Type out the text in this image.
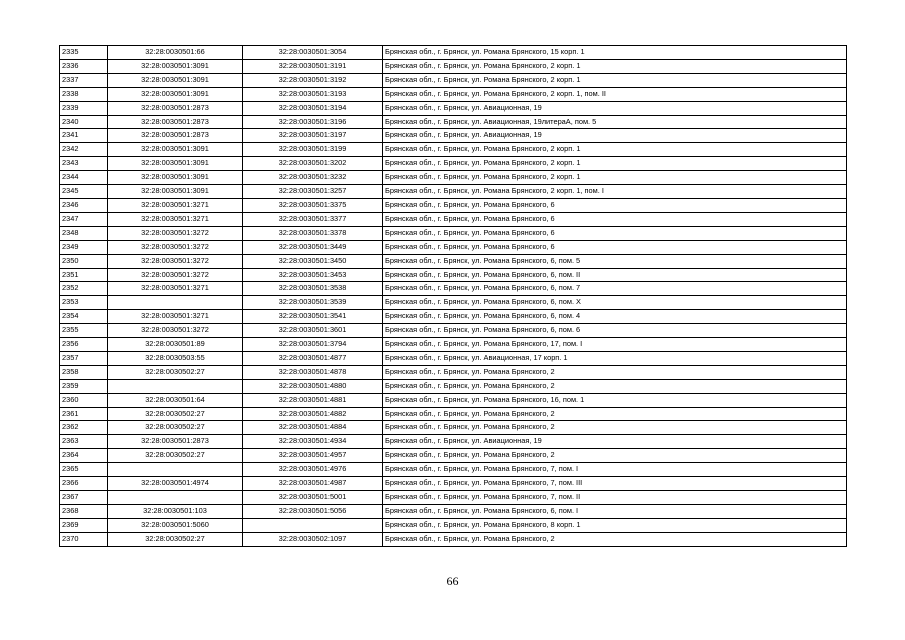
2335	32:28:0030501:66	32:28:0030501:3054	Брянская обл., г. Брянск, ул. Романа Брянского, 15 корп. 1
2336	32:28:0030501:3091	32:28:0030501:3191	Брянская обл., г. Брянск, ул. Романа Брянского, 2 корп. 1
2337	32:28:0030501:3091	32:28:0030501:3192	Брянская обл., г. Брянск, ул. Романа Брянского, 2 корп. 1
2338	32:28:0030501:3091	32:28:0030501:3193	Брянская обл., г. Брянск, ул. Романа Брянского, 2 корп. 1, пом. II
2339	32:28:0030501:2873	32:28:0030501:3194	Брянская обл., г. Брянск, ул. Авиационная, 19
2340	32:28:0030501:2873	32:28:0030501:3196	Брянская обл., г. Брянск, ул. Авиационная, 19литераА, пом. 5
2341	32:28:0030501:2873	32:28:0030501:3197	Брянская обл., г. Брянск, ул. Авиационная, 19
2342	32:28:0030501:3091	32:28:0030501:3199	Брянская обл., г. Брянск, ул. Романа Брянского, 2 корп. 1
2343	32:28:0030501:3091	32:28:0030501:3202	Брянская обл., г. Брянск, ул. Романа Брянского, 2 корп. 1
2344	32:28:0030501:3091	32:28:0030501:3232	Брянская обл., г. Брянск, ул. Романа Брянского, 2 корп. 1
2345	32:28:0030501:3091	32:28:0030501:3257	Брянская обл., г. Брянск, ул. Романа Брянского, 2 корп. 1, пом. I
2346	32:28:0030501:3271	32:28:0030501:3375	Брянская обл., г. Брянск, ул. Романа Брянского, 6
2347	32:28:0030501:3271	32:28:0030501:3377	Брянская обл., г. Брянск, ул. Романа Брянского, 6
2348	32:28:0030501:3272	32:28:0030501:3378	Брянская обл., г. Брянск, ул. Романа Брянского, 6
2349	32:28:0030501:3272	32:28:0030501:3449	Брянская обл., г. Брянск, ул. Романа Брянского, 6
2350	32:28:0030501:3272	32:28:0030501:3450	Брянская обл., г. Брянск, ул. Романа Брянского, 6, пом. 5
2351	32:28:0030501:3272	32:28:0030501:3453	Брянская обл., г. Брянск, ул. Романа Брянского, 6, пом. II
2352	32:28:0030501:3271	32:28:0030501:3538	Брянская обл., г. Брянск, ул. Романа Брянского, 6, пом. 7
2353		32:28:0030501:3539	Брянская обл., г. Брянск, ул. Романа Брянского, 6, пом. X
2354	32:28:0030501:3271	32:28:0030501:3541	Брянская обл., г. Брянск, ул. Романа Брянского, 6, пом. 4
2355	32:28:0030501:3272	32:28:0030501:3601	Брянская обл., г. Брянск, ул. Романа Брянского, 6, пом. 6
2356	32:28:0030501:89	32:28:0030501:3794	Брянская обл., г. Брянск, ул. Романа Брянского, 17, пом. I
2357	32:28:0030503:55	32:28:0030501:4877	Брянская обл., г. Брянск, ул. Авиационная, 17 корп. 1
2358	32:28:0030502:27	32:28:0030501:4878	Брянская обл., г. Брянск, ул. Романа Брянского, 2
2359		32:28:0030501:4880	Брянская обл., г. Брянск, ул. Романа Брянского, 2
2360	32:28:0030501:64	32:28:0030501:4881	Брянская обл., г. Брянск, ул. Романа Брянского, 16, пом. 1
2361	32:28:0030502:27	32:28:0030501:4882	Брянская обл., г. Брянск, ул. Романа Брянского, 2
2362	32:28:0030502:27	32:28:0030501:4884	Брянская обл., г. Брянск, ул. Романа Брянского, 2
2363	32:28:0030501:2873	32:28:0030501:4934	Брянская обл., г. Брянск, ул. Авиационная, 19
2364	32:28:0030502:27	32:28:0030501:4957	Брянская обл., г. Брянск, ул. Романа Брянского, 2
2365		32:28:0030501:4976	Брянская обл., г. Брянск, ул. Романа Брянского, 7, пом. I
2366	32:28:0030501:4974	32:28:0030501:4987	Брянская обл., г. Брянск, ул. Романа Брянского, 7, пом. III
2367		32:28:0030501:5001	Брянская обл., г. Брянск, ул. Романа Брянского, 7, пом. II
2368	32:28:0030501:103	32:28:0030501:5056	Брянская обл., г. Брянск, ул. Романа Брянского, 6, пом. I
2369	32:28:0030501:5060		Брянская обл., г. Брянск, ул. Романа Брянского, 8 корп. 1
2370	32:28:0030502:27	32:28:0030502:1097	Брянская обл., г. Брянск, ул. Романа Брянского, 2
66
